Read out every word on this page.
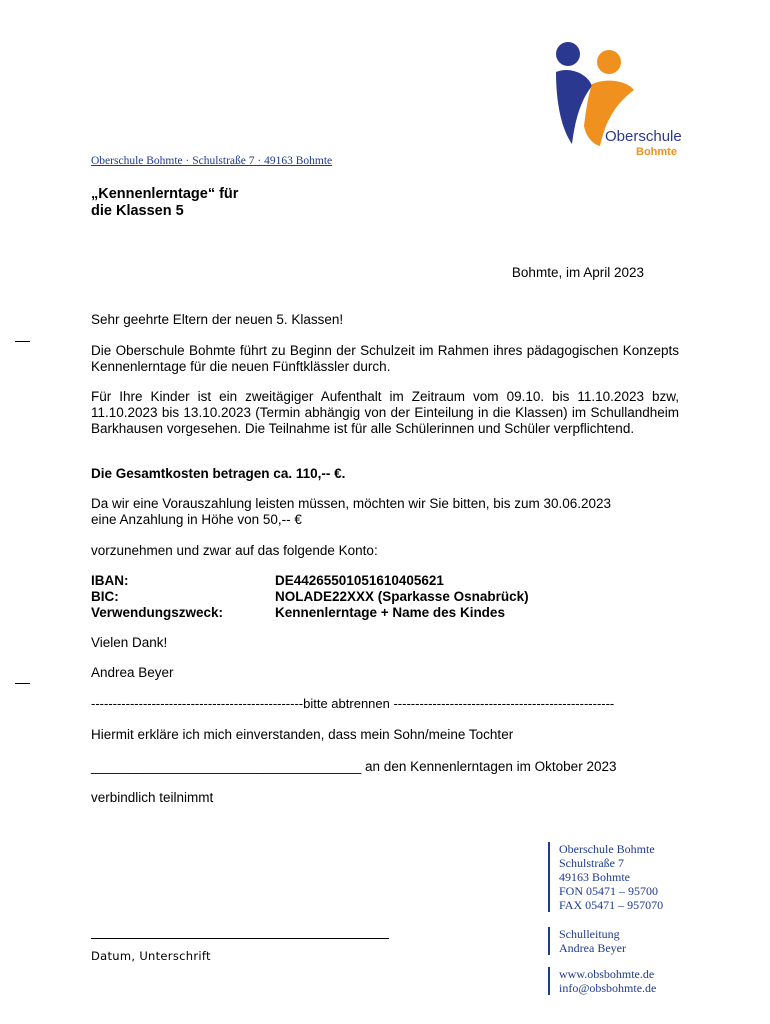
Oberschule
Bohmte
Oberschule Bohmte · Schulstraße 7 · 49163 Bohmte
„Kennenlerntage“ für
die Klassen 5
Bohmte, im April 2023
Sehr geehrte Eltern der neuen 5. Klassen!
Die Oberschule Bohmte führt zu Beginn der Schulzeit im Rahmen ihres pädagogischen Konzepts Kennenlerntage für die neuen Fünftklässler durch.
Für Ihre Kinder ist ein zweitägiger Aufenthalt im Zeitraum vom 09.10. bis 11.10.2023 bzw, 11.10.2023 bis 13.10.2023 (Termin abhängig von der Einteilung in die Klassen) im Schullandheim Barkhausen vorgesehen. Die Teilnahme ist für alle Schülerinnen und Schüler verpflichtend.
Die Gesamtkosten betragen ca. 110,-- €.
Da wir eine Vorauszahlung leisten müssen, möchten wir Sie bitten, bis zum 30.06.2023
eine Anzahlung in Höhe von 50,-- €
vorzunehmen und zwar auf das folgende Konto:
IBAN:	DE44265501051610405621
BIC:	NOLADE22XXX (Sparkasse Osnabrück)
Verwendungszweck:	Kennenlerntage + Name des Kindes
Vielen Dank!
Andrea Beyer
-------------------------------------------------bitte abtrennen ---------------------------------------------------
Hiermit erkläre ich mich einverstanden, dass mein Sohn/meine Tochter
____________________________________ an den Kennenlerntagen im Oktober 2023
verbindlich teilnimmt
Datum, Unterschrift
Oberschule Bohmte
Schulstraße 7
49163 Bohmte
FON 05471 – 95700
FAX 05471 – 957070
Schulleitung
Andrea Beyer
www.obsbohmte.de
info@obsbohmte.de
